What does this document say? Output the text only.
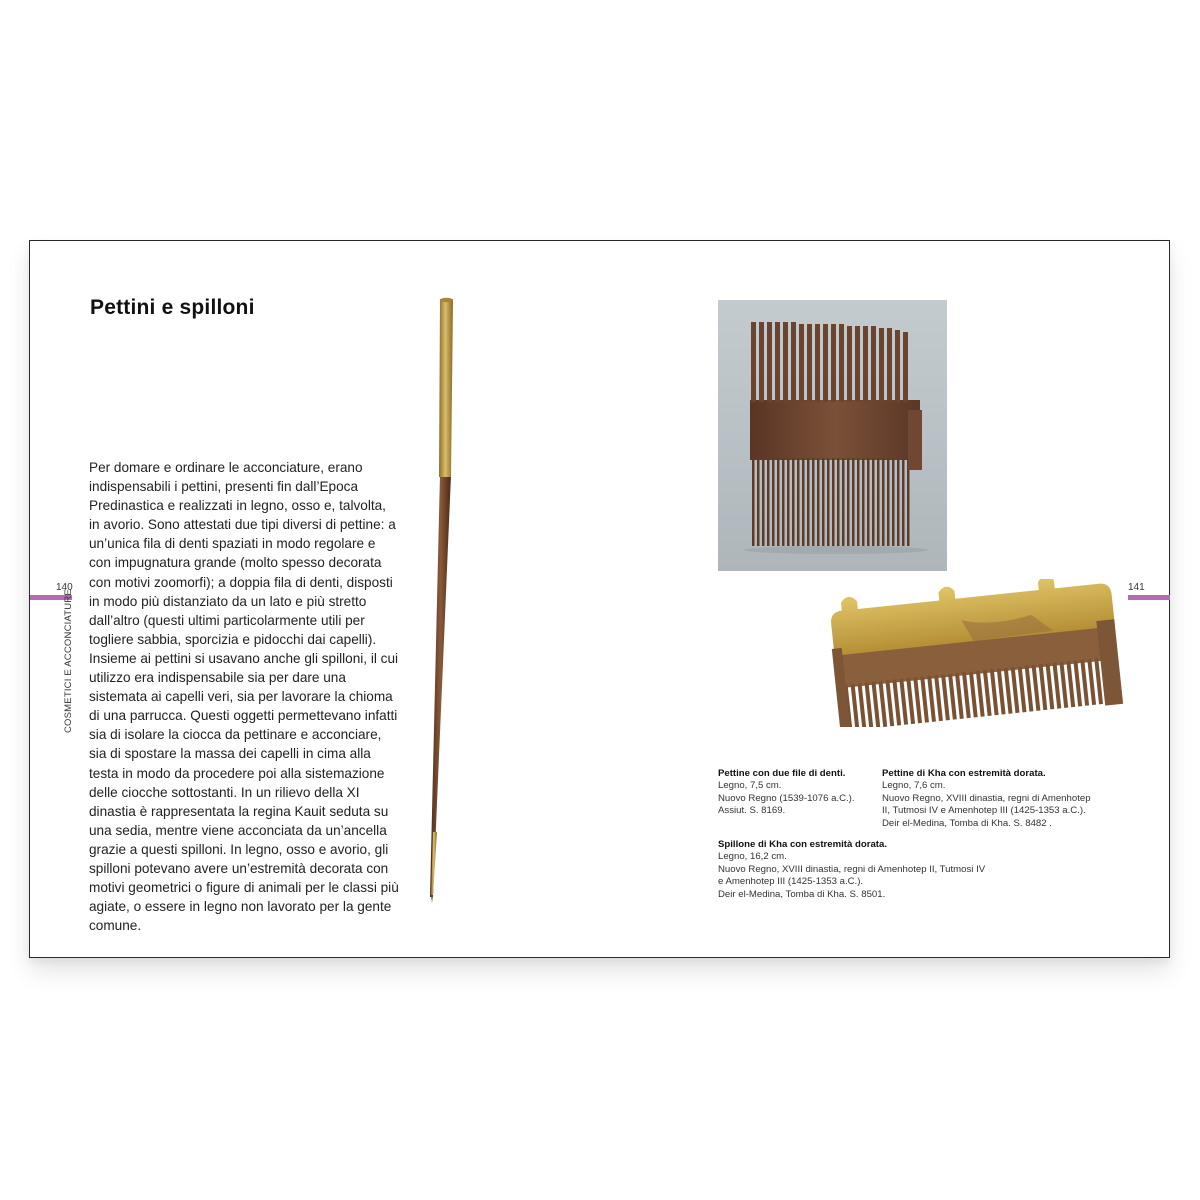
Pettini e spilloni

Per domare e ordinare le acconciature, erano indispensabili i pettini, presenti fin dall’Epoca Predinastica e realizzati in legno, osso e, talvolta, in avorio. Sono attestati due tipi diversi di pettine: a un’unica fila di denti spaziati in modo regolare e con impugnatura grande (molto spesso decorata con motivi zoomorfi); a doppia fila di denti, disposti in modo più distanziato da un lato e più stretto dall’altro (questi ultimi particolarmente utili per togliere sabbia, sporcizia e pidocchi dai capelli). Insieme ai pettini si usavano anche gli spilloni, il cui utilizzo era indispensabile sia per dare una sistemata ai capelli veri, sia per lavorare la chioma di una parrucca. Questi oggetti permettevano infatti sia di isolare la ciocca da pettinare e acconciare, sia di spostare la massa dei capelli in cima alla testa in modo da procedere poi alla sistemazione delle ciocche sottostanti. In un rilievo della XI dinastia è rappresentata la regina Kauit seduta su una sedia, mentre viene acconciata da un’ancella grazie a questi spilloni. In legno, osso e avorio, gli spilloni potevano avere un’estremità decorata con motivi geometrici o figure di animali per le classi più agiate, o essere in legno non lavorato per la gente comune.

140
COSMETICI E ACCONCIATURE
141
Pettine con due file di denti.
Legno, 7,5 cm.
Nuovo Regno (1539-1076 a.C.).
Assiut. S. 8169.
Pettine di Kha con estremità dorata.
Legno, 7,6 cm.
Nuovo Regno, XVIII dinastia, regni di Amenhotep
II, Tutmosi IV e Amenhotep III (1425-1353 a.C.).
Deir el-Medina, Tomba di Kha. S. 8482 .
Spillone di Kha con estremità dorata.
Legno, 16,2 cm.
Nuovo Regno, XVIII dinastia, regni di Amenhotep II, Tutmosi IV
e Amenhotep III (1425-1353 a.C.).
Deir el-Medina, Tomba di Kha. S. 8501.
